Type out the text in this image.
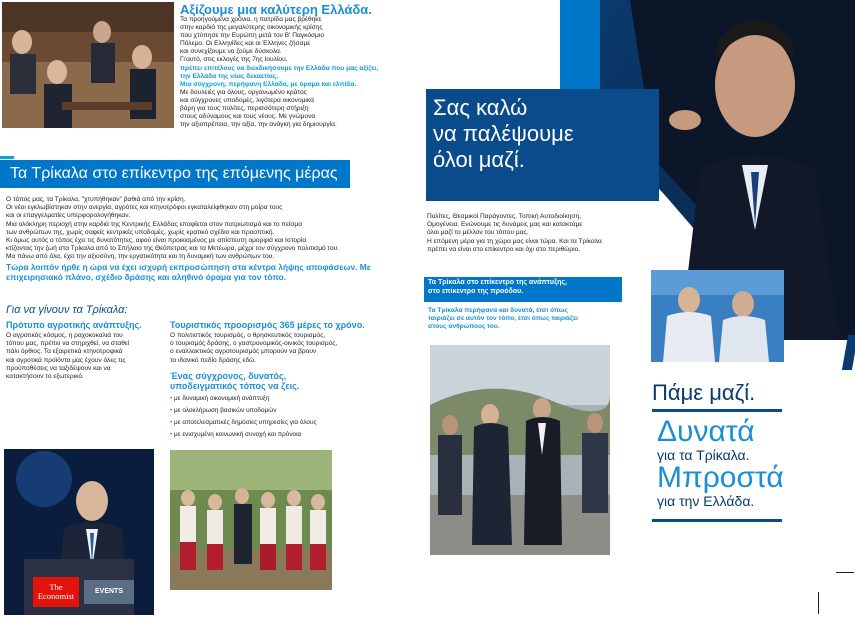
Αξίζουμε μια καλύτερη Ελλάδα.
Τα προηγούμενα χρόνια, η πατρίδα μας βρέθηκε
στην καρδιά της μεγαλύτερης οικονομικής κρίσης
που χτύπησε την Ευρώπη μετά τον Β' Παγκόσμιο
Πόλεμο. Οι Ελληνίδες και οι Έλληνες ζήσαμε
και συνεχίζουμε να ζούμε δύσκολα.
Γι'αυτό, στις εκλογές της 7ης Ιουλίου,
πρέπει επιτέλους να διεκδικήσουμε την Ελλάδα που μας αξίζει, την Ελλάδα της νέας δεκαετίας.
Μια σύγχρονη, περήφανη Ελλάδα, με όραμα και ελπίδα.
Με δουλειές για όλους, οργανωμένο κράτος
και σύγχρονες υποδομές, λιγότερα οικονομικά
βάρη για τους πολίτες, περισσότερη στήριξη
στους αδύναμους και τους νέους. Με γνώμονα
την αξιοπρέπεια, την αξία, την ανάγκη για δημιουργία.
Τα Τρίκαλα στο επίκεντρο της επόμενης μέρας
Ο τόπος μας, τα Τρίκαλα, "χτυπήθηκαν" βαθιά από την κρίση.
Οι νέοι εγκλωβίστηκαν στην ανεργία, αγρότες και κτηνοτρόφοι εγκαταλείφθηκαν στη μοίρα τους
και οι επαγγελματίες υπερφορολογήθηκαν.
Μια ολόκληρη περιοχή στην καρδιά της Κεντρικής Ελλάδας επαφίεται στον πατριωτισμό και το πείσμα
των ανθρώπων της, χωρίς σαφείς κεντρικές υποδομές, χωρίς κρατικό σχέδιο και προοπτική.
Κι όμως αυτός ο τόπος έχει τις δυνατότητες, αφού είναι προικισμένος με απίστευτη ομορφιά και Ιστορία
κτίζοντας την ζωή στα Τρίκαλα από το Σπήλαιο της Θεόπετρας και τα Μετέωρα, μέχρι τον σύγχρονο πολιτισμό του.
Μα πάνω από όλα, έχει την αξιοσύνη, την εργατικότητα και τη δυναμική των ανθρώπων του.
Τώρα λοιπόν ήρθε η ώρα να έχει ισχυρή εκπροσώπηση στα κέντρα λήψης αποφάσεων. Με επιχειρησιακό πλάνο, σχέδιο δράσης και αληθινό όραμα για τον τόπο.
Για να γίνουν τα Τρίκαλα:
Πρότυπο αγροτικής ανάπτυξης.
Ο αγροτικός κόσμος, η ραχοκοκαλιά του
τόπου μας, πρέπει να στηριχθεί, να σταθεί
πάλι όρθιος. Τα εξαιρετικά κτηνοτροφικά
και αγροτικά προϊόντα μας έχουν όλες τις
προϋποθέσεις να ταξιδέψουν και να
κατακτήσουν το εξωτερικό.
Τουριστικός προορισμός 365 μέρες το χρόνο.
Ο πολιτιστικός τουρισμός, ο θρησκευτικός τουρισμός,
ο τουρισμός δράσης, ο γαστρονομικός-οινικός τουρισμός,
ο εναλλακτικός αγροτουρισμός μπορούν να βρουν
το ιδανικό πεδίο δράσης εδώ.
Ένας σύγχρονος, δυνατός, υποδειγματικός τόπος να ζεις.
• με δυναμική οικονομική ανάπτυξη
• με ολοκλήρωση βασικών υποδομών
• με αποτελεσματικές δημόσιες υπηρεσίες για όλους
• με ενισχυμένη κοινωνική συνοχή και πρόνοια
The Economist	EVENTS
Σας καλώ
να παλέψουμε
όλοι μαζί.
Πολίτες, Θεσμικοί Παράγοντες, Τοπική Αυτοδιοίκηση,
Ομογένεια. Ενώνουμε τις δυνάμεις μας και κατακτάμε
όλοι μαζί το μέλλον του τόπου μας.
Η επόμενη μέρα για τη χώρα μας είναι τώρα. Και τα Τρίκαλα
πρέπει να είναι στο επίκεντρο και όχι στο περιθώριο.
Τα Τρίκαλα στο επίκεντρο της ανάπτυξης,
στο επίκεντρο της προόδου.
Τα Τρίκαλα περήφανα και δυνατά, έτσι όπως
ταιριάζει σε αυτόν τον τόπο, έτσι όπως ταιριάζει
στους ανθρώπους του.
Πάμε μαζί.
Δυνατά
για τα Τρίκαλα.
Μπροστά
για την Ελλάδα.
